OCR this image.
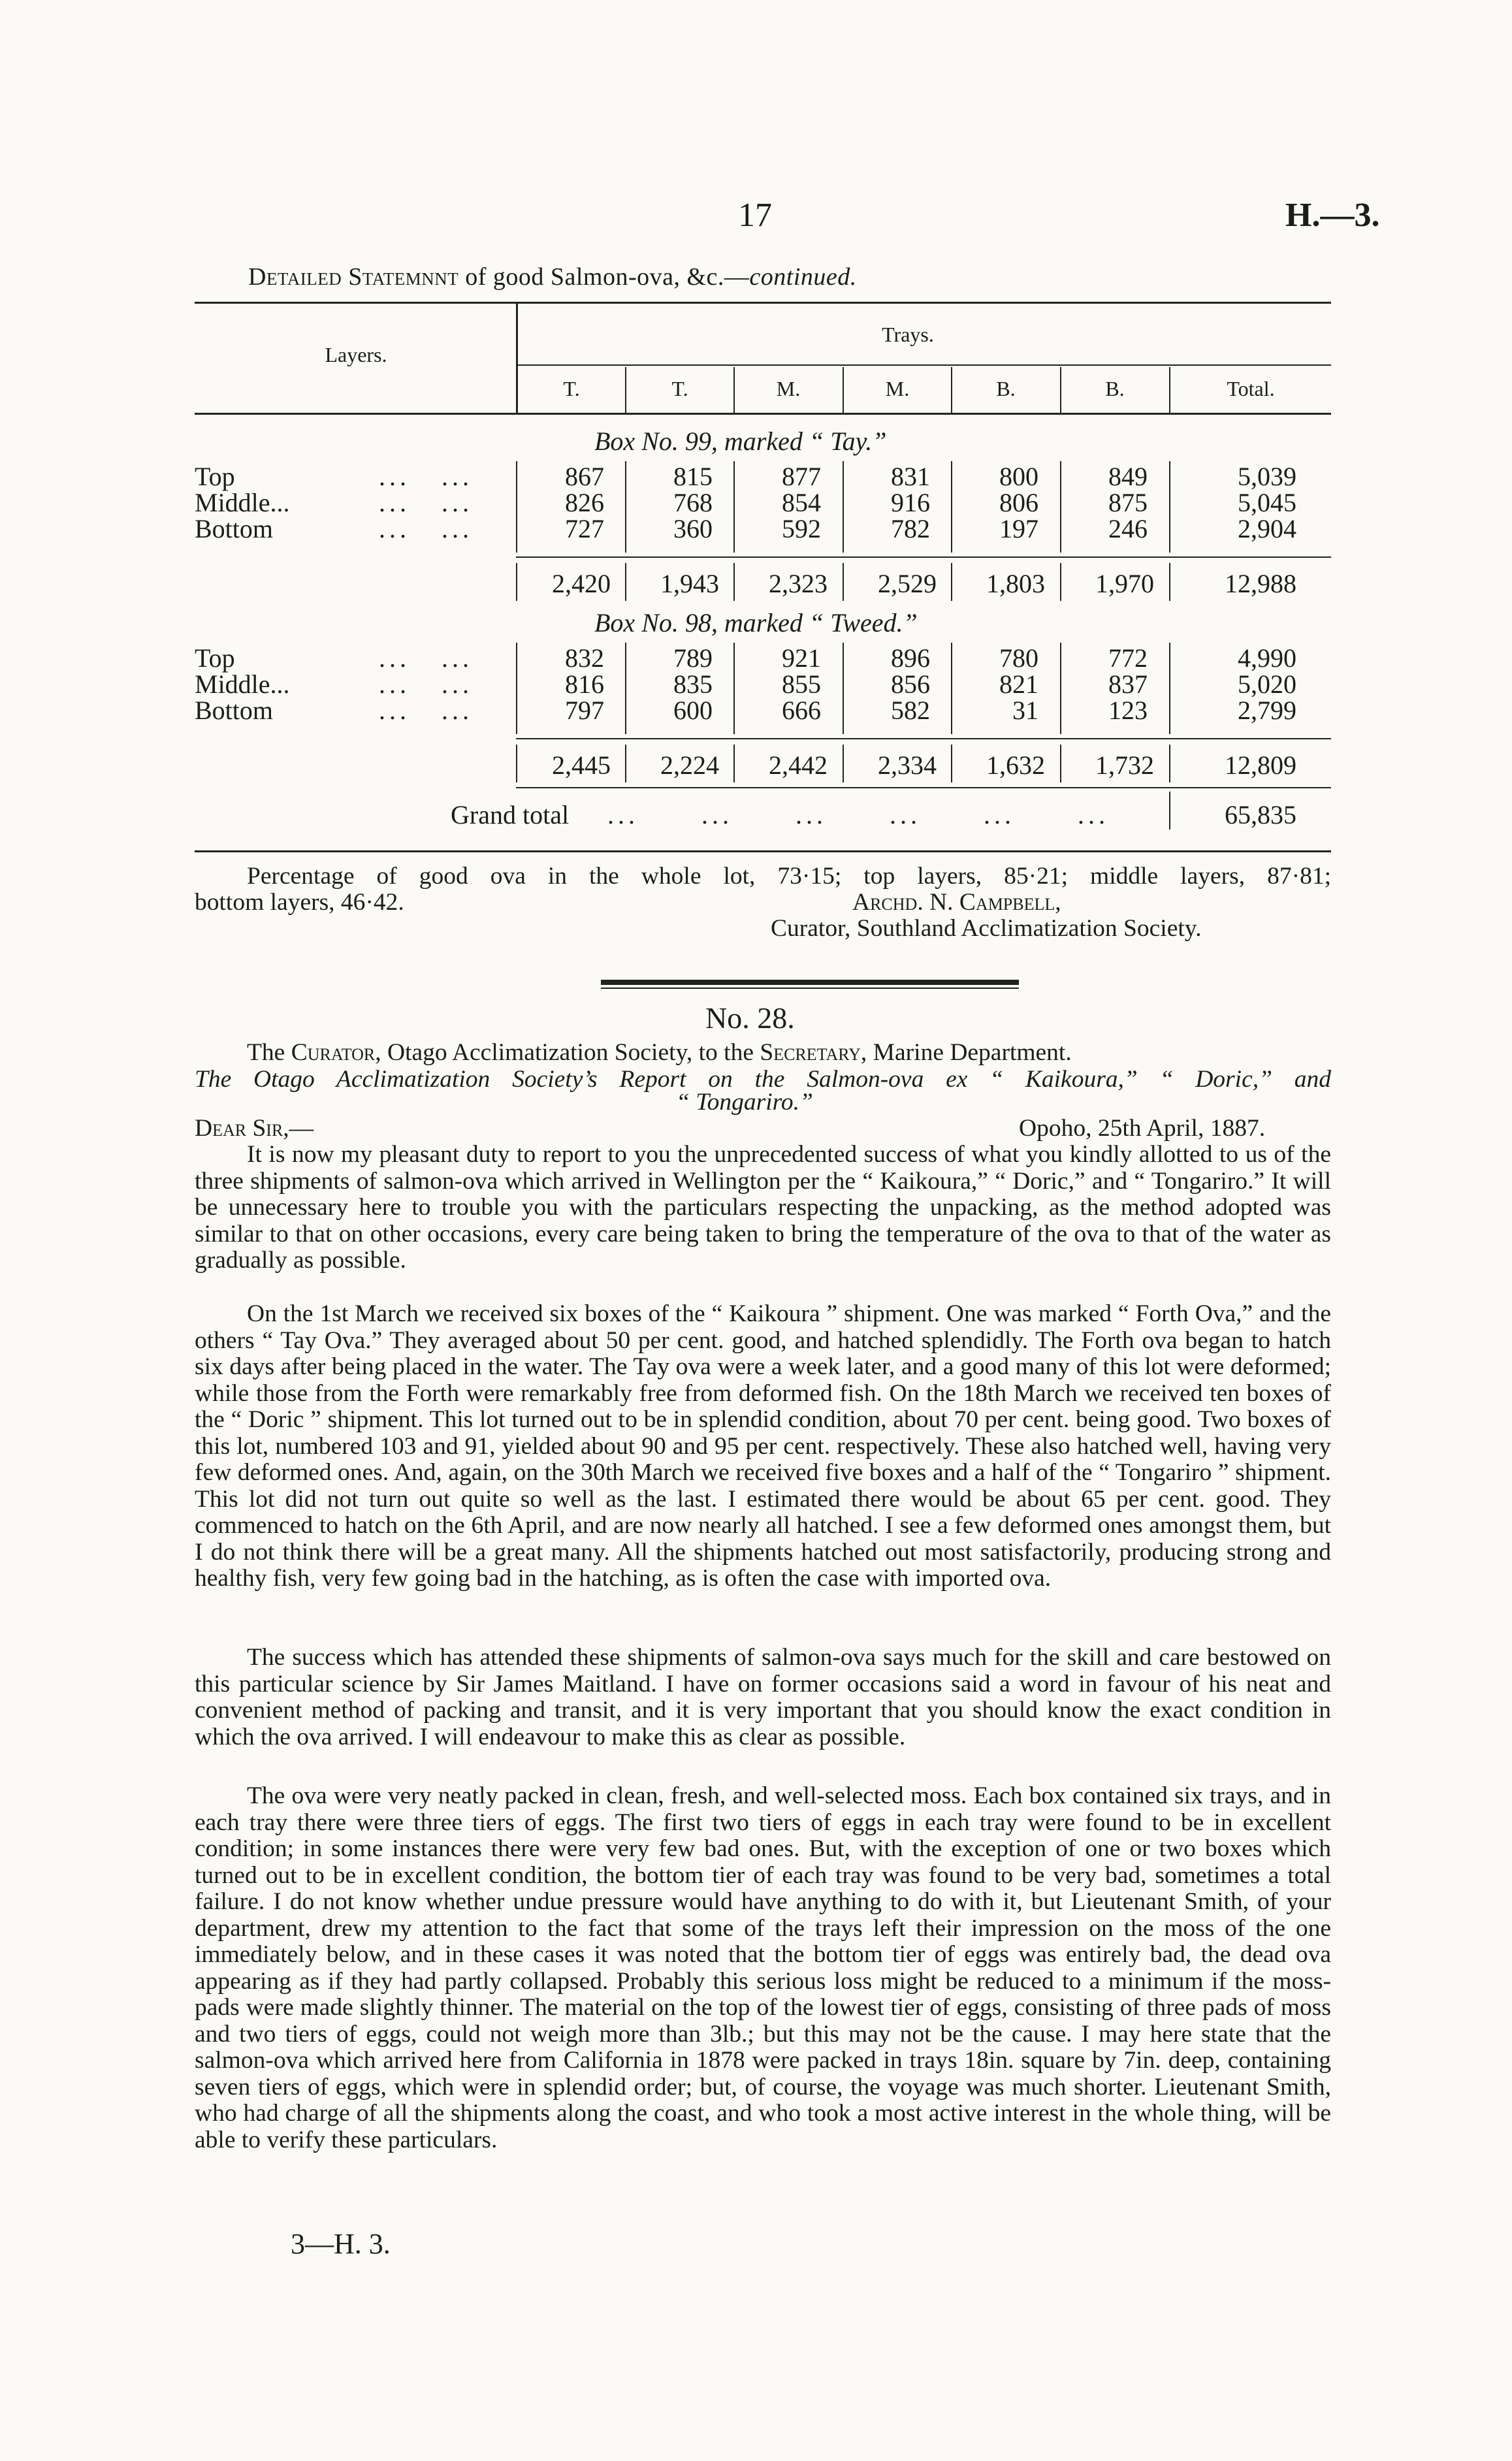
17	H.—3.
Detailed Statemnnt of good Salmon-ova, &c.—continued.
Layers.
Trays.
T.	T.	M.	M.	B.	B.	Total.
Box No. 99, marked “ Tay.”
Top	...   ...	867	815	877	831	800	849	5,039
Middle...	...   ...	826	768	854	916	806	875	5,045
Bottom	...   ...	727	360	592	782	197	246	2,904
2,420	1,943	2,323	2,529	1,803	1,970	12,988
Box No. 98, marked “ Tweed.”
Top	...   ...	832	789	921	896	780	772	4,990
Middle...	...   ...	816	835	855	856	821	837	5,020
Bottom	...   ...	797	600	666	582	31	123	2,799
2,445	2,224	2,442	2,334	1,632	1,732	12,809
Grand total ...      ...      ...      ...      ...      ...	65,835
Percentage of good ova in the whole lot, 73·15; top layers, 85·21; middle layers, 87·81;
bottom layers, 46·42.	Archd. N. Campbell,
Curator, Southland Acclimatization Society.
No. 28.
The Curator, Otago Acclimatization Society, to the Secretary, Marine Department.
The Otago Acclimatization Society’s Report on the Salmon-ova ex “ Kaikoura,” “ Doric,” and
“ Tongariro.”
Dear Sir,—	Opoho, 25th April, 1887.
It is now my pleasant duty to report to you the unprecedented success of what you kindly allotted to us of the three shipments of salmon-ova which arrived in Wellington per the “ Kaikoura,” “ Doric,” and “ Tongariro.” It will be unnecessary here to trouble you with the particulars respecting the unpacking, as the method adopted was similar to that on other occasions, every care being taken to bring the temperature of the ova to that of the water as gradually as possible.
On the 1st March we received six boxes of the “ Kaikoura ” shipment. One was marked “ Forth Ova,” and the others “ Tay Ova.” They averaged about 50 per cent. good, and hatched splendidly. The Forth ova began to hatch six days after being placed in the water. The Tay ova were a week later, and a good many of this lot were deformed; while those from the Forth were remarkably free from deformed fish. On the 18th March we received ten boxes of the “ Doric ” shipment. This lot turned out to be in splendid condition, about 70 per cent. being good. Two boxes of this lot, numbered 103 and 91, yielded about 90 and 95 per cent. respectively. These also hatched well, having very few deformed ones. And, again, on the 30th March we received five boxes and a half of the “ Tongariro ” shipment. This lot did not turn out quite so well as the last. I estimated there would be about 65 per cent. good. They commenced to hatch on the 6th April, and are now nearly all hatched. I see a few deformed ones amongst them, but I do not think there will be a great many. All the shipments hatched out most satisfactorily, producing strong and healthy fish, very few going bad in the hatching, as is often the case with imported ova.
The success which has attended these shipments of salmon-ova says much for the skill and care bestowed on this particular science by Sir James Maitland. I have on former occasions said a word in favour of his neat and convenient method of packing and transit, and it is very important that you should know the exact condition in which the ova arrived. I will endeavour to make this as clear as possible.
The ova were very neatly packed in clean, fresh, and well-selected moss. Each box contained six trays, and in each tray there were three tiers of eggs. The first two tiers of eggs in each tray were found to be in excellent condition; in some instances there were very few bad ones. But, with the exception of one or two boxes which turned out to be in excellent condition, the bottom tier of each tray was found to be very bad, sometimes a total failure. I do not know whether undue pressure would have anything to do with it, but Lieutenant Smith, of your department, drew my attention to the fact that some of the trays left their impression on the moss of the one immediately below, and in these cases it was noted that the bottom tier of eggs was entirely bad, the dead ova appearing as if they had partly collapsed. Probably this serious loss might be reduced to a minimum if the moss-pads were made slightly thinner. The material on the top of the lowest tier of eggs, consisting of three pads of moss and two tiers of eggs, could not weigh more than 3lb.; but this may not be the cause. I may here state that the salmon-ova which arrived here from California in 1878 were packed in trays 18in. square by 7in. deep, containing seven tiers of eggs, which were in splendid order; but, of course, the voyage was much shorter. Lieutenant Smith, who had charge of all the shipments along the coast, and who took a most active interest in the whole thing, will be able to verify these particulars.
3—H. 3.
